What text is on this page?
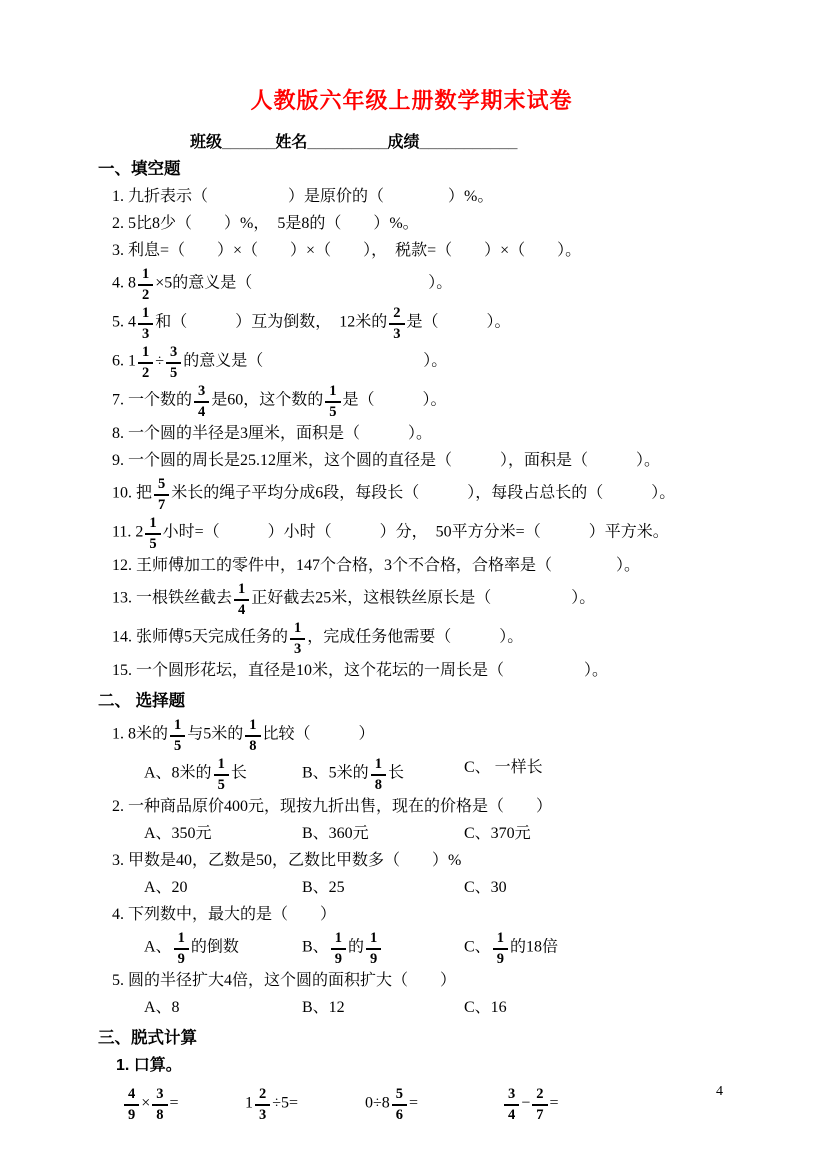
人教版六年级上册数学期末试卷
班级______姓名_________成绩___________
一、填空题
1. 九折表示（　　　　　）是原价的（　　　　）%。
2. 5比8少（　　）%，　5是8的（　　）%。
3. 利息=（　　）×（　　）×（　　），　税款=（　　）×（　　）。
4. $8 \frac{1}{2} \times 5$的意义是（　　　　　　　　　　　）。
5. $4 \frac{1}{3}$ 和（　　　）互为倒数，　12米的 $\frac{2}{3}$ 是（　　　）。
6. $1 \frac{1}{2} \div \frac{3}{5}$ 的意义是（　　　　　　　　　　）。
7. 一个数的 $\frac{3}{4}$ 是60，这个数的 $\frac{1}{5}$ 是（　　　）。
8. 一个圆的半径是3厘米，面积是（　　　）。
9. 一个圆的周长是25.12厘米，这个圆的直径是（　　　），面积是（　　　）。
10. 把 $\frac{5}{7}$ 米长的绳子平均分成6段，每段长（　　　），每段占总长的（　　　）。
11. $2 \frac{1}{5}$ 小时=（　　　）小时（　　　）分，　50平方分米=（　　　）平方米。
12. 王师傅加工的零件中，147个合格，3个不合格，合格率是（　　　　）。
13. 一根铁丝截去 $\frac{1}{4}$ 正好截去25米，这根铁丝原长是（　　　　　）。
14. 张师傅5天完成任务的 $\frac{1}{3}$ ，完成任务他需要（　　　）。
15. 一个圆形花坛，直径是10米，这个花坛的一周长是（　　　　　）。
二、 选择题
1. 8米的 $\frac{1}{5}$ 与5米的 $\frac{1}{8}$ 比较（　　　）
A、8米的 $\frac{1}{5}$ 长	B、5米的 $\frac{1}{8}$ 长	C、 一样长
2. 一种商品原价400元，现按九折出售，现在的价格是（　　）
A、350元	B、360元	C、370元
3. 甲数是40，乙数是50，乙数比甲数多（　　）%
A、20	B、25	C、30
4. 下列数中，最大的是（　　）
A、 $\frac{1}{9}$ 的倒数	B、 $\frac{1}{9}$ 的 $\frac{1}{9}$	C、 $\frac{1}{9}$ 的18倍
5. 圆的半径扩大4倍，这个圆的面积扩大（　　）
A、8	B、12	C、16
三、脱式计算
1. 口算。
$\frac{4}{9} \times \frac{3}{8}$ =	$1 \frac{2}{3} \div 5=$	$0\div 8 \frac{5}{6}$ =	$\frac{3}{4} - \frac{2}{7}$ =
4
